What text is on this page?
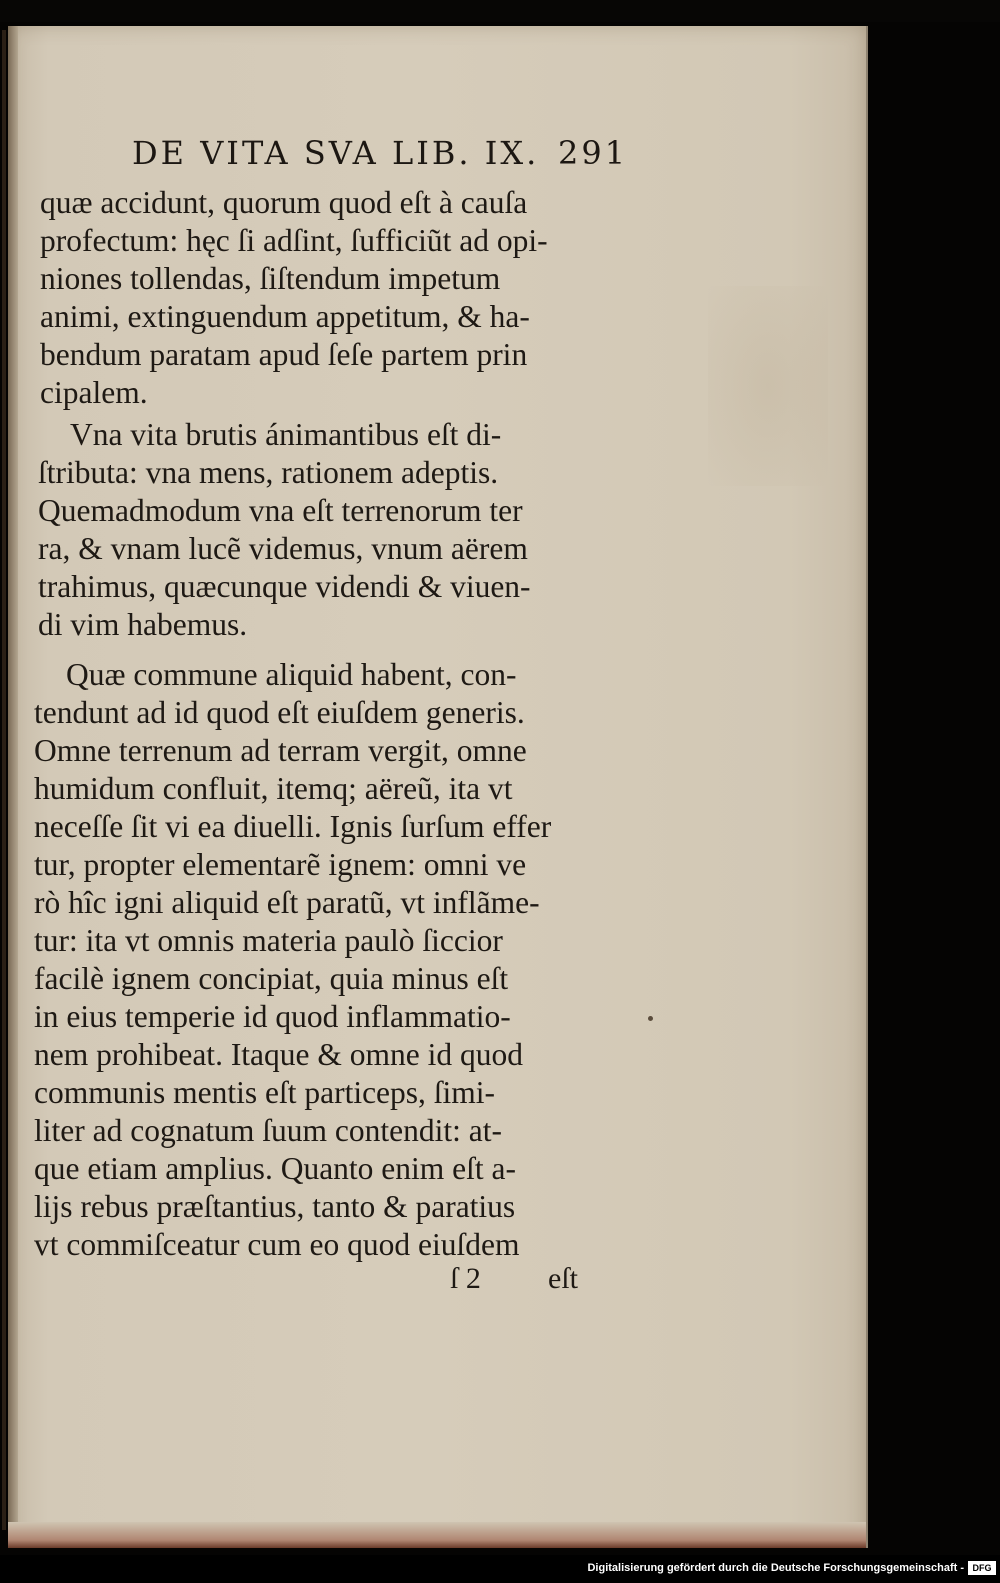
DE VITA SVA LIB. IX. 291
quæ accidunt, quorum quod eſt à cauſa
profectum: hęc ſi adſint, ſufficiũt ad opi-
niones tollendas, ſiſtendum impetum
animi, extinguendum appetitum, & ha-
bendum paratam apud ſeſe partem prin
cipalem.
Vna vita brutis ánimantibus eſt di-
ſtributa: vna mens, rationem adeptis.
Quemadmodum vna eſt terrenorum ter
ra, & vnam lucẽ videmus, vnum aërem
trahimus, quæcunque videndi & viuen-
di vim habemus.
Quæ commune aliquid habent, con-
tendunt ad id quod eſt eiuſdem generis.
Omne terrenum ad terram vergit, omne
humidum confluit, itemq; aëreũ, ita vt
neceſſe ſit vi ea diuelli. Ignis ſurſum effer
tur, propter elementarẽ ignem: omni ve
rò hîc igni aliquid eſt paratũ, vt inflãme-
tur: ita vt omnis materia paulò ſiccior
facilè ignem concipiat, quia minus eſt
in eius temperie id quod inflammatio-
nem prohibeat. Itaque & omne id quod
communis mentis eſt particeps, ſimi-
liter ad cognatum ſuum contendit: at-
que etiam amplius. Quanto enim eſt a-
lijs rebus præſtantius, tanto & paratius
vt commiſceatur cum eo quod eiuſdem
ſ 2 eſt
Digitalisierung gefördert durch die Deutsche Forschungsgemeinschaft - DFG
